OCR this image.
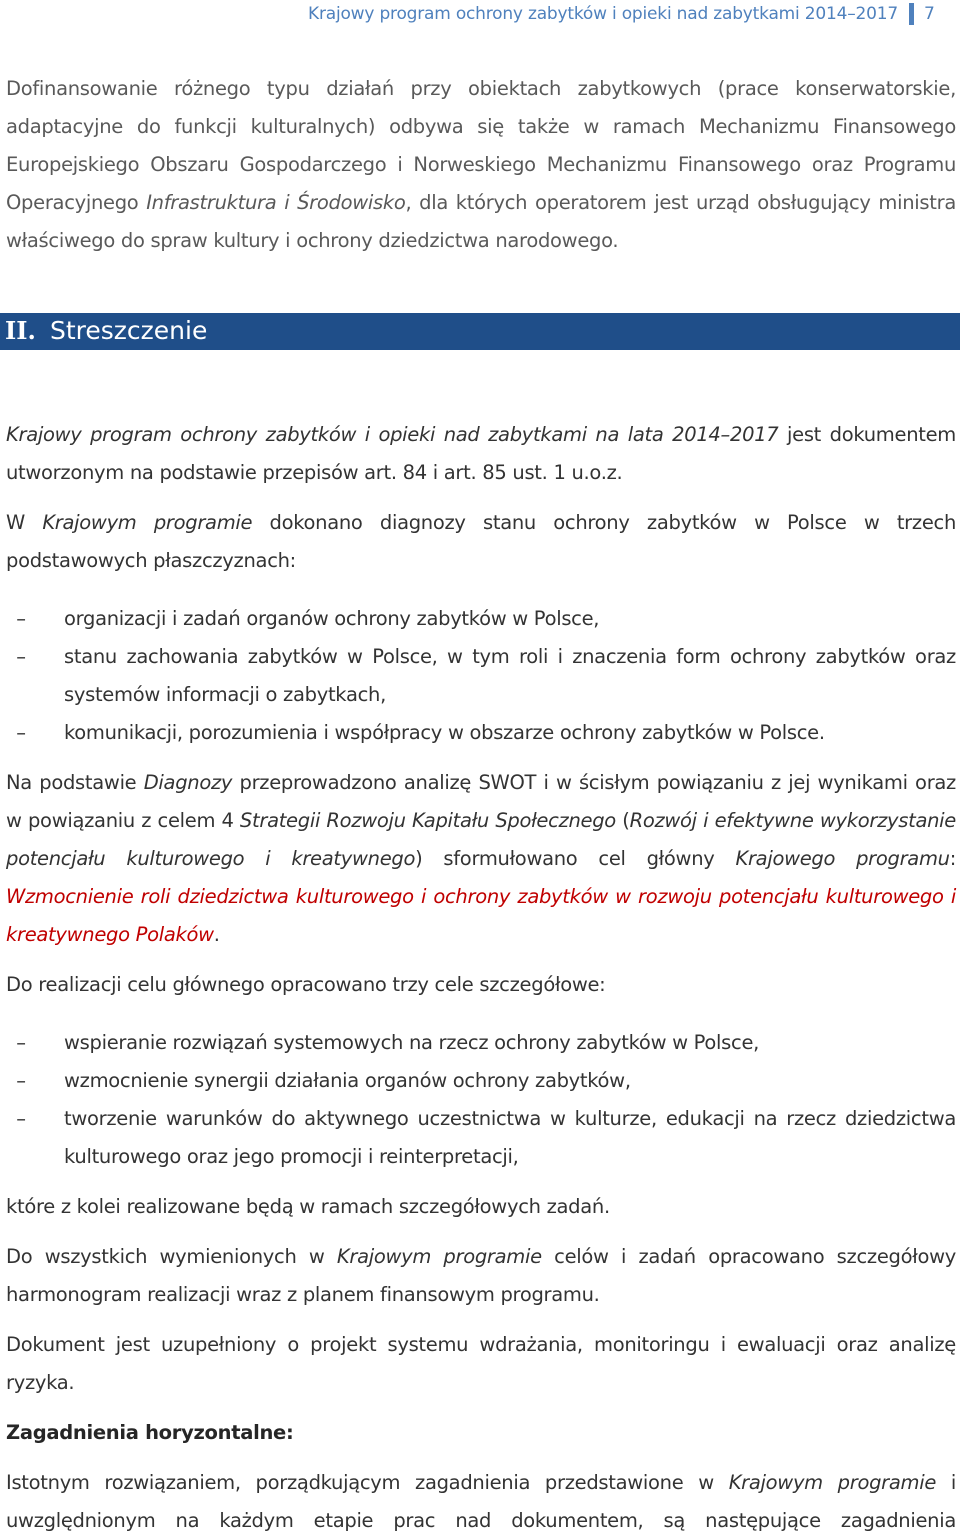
Krajowy program ochrony zabytków i opieki nad zabytkami 2014–2017 7

Dofinansowanie różnego typu działań przy obiektach zabytkowych (prace konserwatorskie, adaptacyjne do funkcji kulturalnych) odbywa się także w ramach Mechanizmu Finansowego Europejskiego Obszaru Gospodarczego i Norweskiego Mechanizmu Finansowego oraz Programu Operacyjnego Infrastruktura i Środowisko, dla których operatorem jest urząd obsługujący ministra właściwego do spraw kultury i ochrony dziedzictwa narodowego.

II. Streszczenie

Krajowy program ochrony zabytków i opieki nad zabytkami na lata 2014–2017 jest dokumentem utworzonym na podstawie przepisów art. 84 i art. 85 ust. 1 u.o.z.

W Krajowym programie dokonano diagnozy stanu ochrony zabytków w Polsce w trzech podstawowych płaszczyznach:

–	organizacji i zadań organów ochrony zabytków w Polsce,
–	stanu zachowania zabytków w Polsce, w tym roli i znaczenia form ochrony zabytków oraz systemów informacji o zabytkach,
–	komunikacji, porozumienia i współpracy w obszarze ochrony zabytków w Polsce.

Na podstawie Diagnozy przeprowadzono analizę SWOT i w ścisłym powiązaniu z jej wynikami oraz w powiązaniu z celem 4 Strategii Rozwoju Kapitału Społecznego (Rozwój i efektywne wykorzystanie potencjału kulturowego i kreatywnego) sformułowano cel główny Krajowego programu: Wzmocnienie roli dziedzictwa kulturowego i ochrony zabytków w rozwoju potencjału kulturowego i kreatywnego Polaków.

Do realizacji celu głównego opracowano trzy cele szczegółowe:

–	wspieranie rozwiązań systemowych na rzecz ochrony zabytków w Polsce,
–	wzmocnienie synergii działania organów ochrony zabytków,
–	tworzenie warunków do aktywnego uczestnictwa w kulturze, edukacji na rzecz dziedzictwa kulturowego oraz jego promocji i reinterpretacji,

które z kolei realizowane będą w ramach szczegółowych zadań.

Do wszystkich wymienionych w Krajowym programie celów i zadań opracowano szczegółowy harmonogram realizacji wraz z planem finansowym programu.

Dokument jest uzupełniony o projekt systemu wdrażania, monitoringu i ewaluacji oraz analizę ryzyka.

Zagadnienia horyzontalne:

Istotnym rozwiązaniem, porządkującym zagadnienia przedstawione w Krajowym programie i uwzględnionym na każdym etapie prac nad dokumentem, są następujące zagadnienia
